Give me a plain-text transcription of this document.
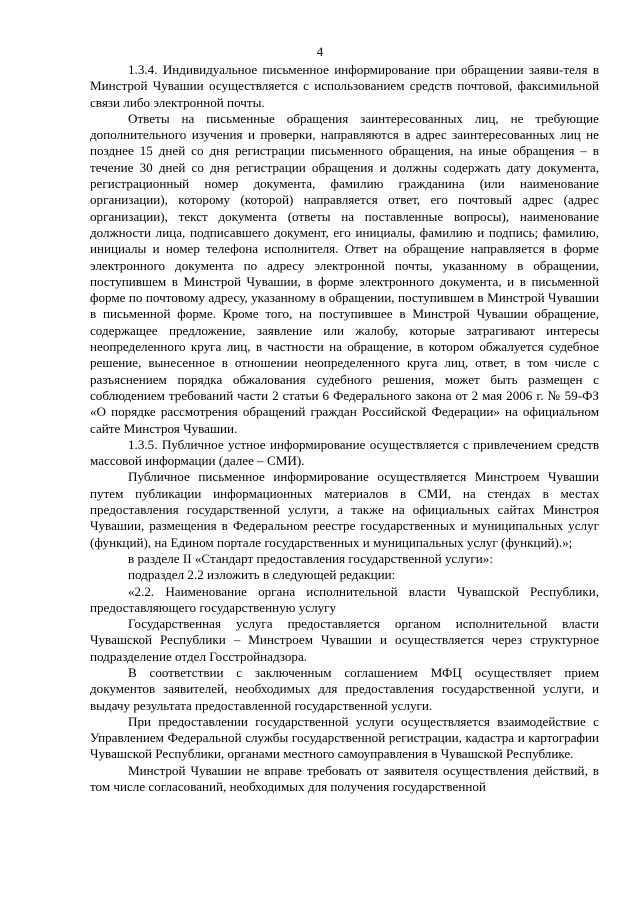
4

1.3.4. Индивидуальное письменное информирование при обращении заяви-теля в Минстрой Чувашии осуществляется с использованием средств почтовой, факсимильной связи либо электронной почты.

Ответы на письменные обращения заинтересованных лиц, не требующие дополнительного изучения и проверки, направляются в адрес заинтересованных лиц не позднее 15 дней со дня регистрации письменного обращения, на иные обращения – в течение 30 дней со дня регистрации обращения и должны содержать дату документа, регистрационный номер документа, фамилию гражданина (или наименование организации), которому (которой) направляется ответ, его почтовый адрес (адрес организации), текст документа (ответы на поставленные вопросы), наименование должности лица, подписавшего документ, его инициалы, фамилию и подпись; фамилию, инициалы и номер телефона исполнителя. Ответ на обращение направляется в форме электронного документа по адресу электронной почты, указанному в обращении, поступившем в Минстрой Чувашии, в форме электронного документа, и в письменной форме по почтовому адресу, указанному в обращении, поступившем в Минстрой Чувашии в письменной форме. Кроме того, на поступившее в Минстрой Чувашии обращение, содержащее предложение, заявление или жалобу, которые затрагивают интересы неопределенного круга лиц, в частности на обращение, в котором обжалуется судебное решение, вынесенное в отношении неопределенного круга лиц, ответ, в том числе с разъяснением порядка обжалования судебного решения, может быть размещен с соблюдением требований части 2 статьи 6 Федерального закона от 2 мая 2006 г. № 59-ФЗ «О порядке рассмотрения обращений граждан Российской Федерации» на официальном сайте Минстроя Чувашии.

1.3.5. Публичное устное информирование осуществляется с привлечением средств массовой информации (далее – СМИ).

Публичное письменное информирование осуществляется Минстроем Чувашии путем публикации информационных материалов в СМИ, на стендах в местах предоставления государственной услуги, а также на официальных сайтах Минстроя Чувашии, размещения в Федеральном реестре государственных и муниципальных услуг (функций), на Едином портале государственных и муниципальных услуг (функций).»;

в разделе II «Стандарт предоставления государственной услуги»:

подраздел 2.2 изложить в следующей редакции:

«2.2. Наименование органа исполнительной власти Чувашской Республики, предоставляющего государственную услугу

Государственная услуга предоставляется органом исполнительной власти Чувашской Республики – Минстроем Чувашии и осуществляется через структурное подразделение отдел Госстройнадзора.

В соответствии с заключенным соглашением МФЦ осуществляет прием документов заявителей, необходимых для предоставления государственной услуги, и выдачу результата предоставленной государственной услуги.

При предоставлении государственной услуги осуществляется взаимодействие с Управлением Федеральной службы государственной регистрации, кадастра и картографии Чувашской Республики, органами местного самоуправления в Чувашской Республике.

Минстрой Чувашии не вправе требовать от заявителя осуществления действий, в том числе согласований, необходимых для получения государственной
